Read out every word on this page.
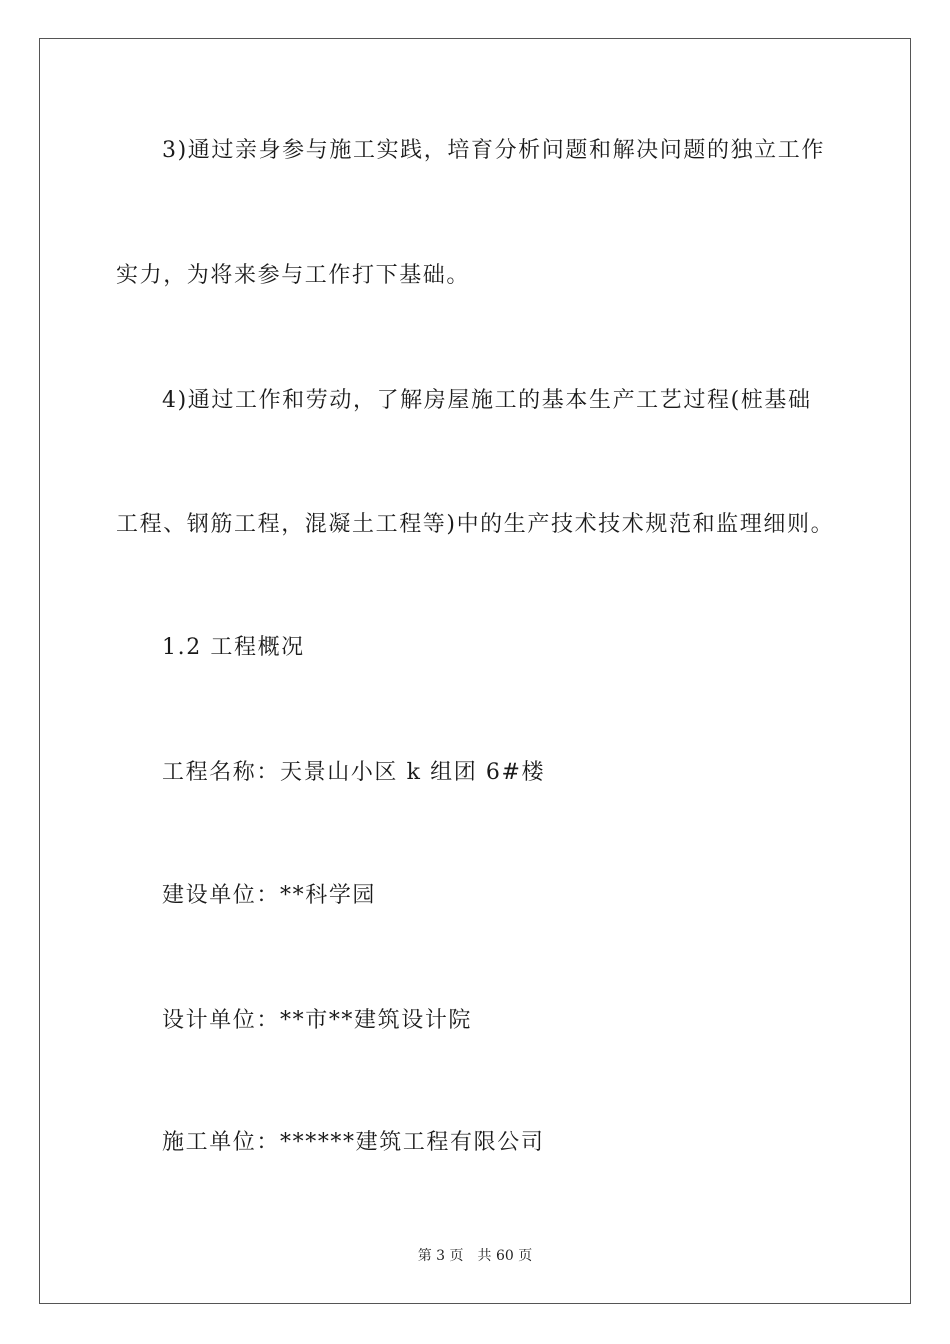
3)通过亲身参与施工实践，培育分析问题和解决问题的独立工作
实力，为将来参与工作打下基础。
4)通过工作和劳动，了解房屋施工的基本生产工艺过程(桩基础
工程、钢筋工程，混凝土工程等)中的生产技术技术规范和监理细则。
1.2 工程概况
工程名称：天景山小区 k 组团 6#楼
建设单位：**科学园
设计单位：**市**建筑设计院
施工单位：******建筑工程有限公司
第 3 页 共 60 页
